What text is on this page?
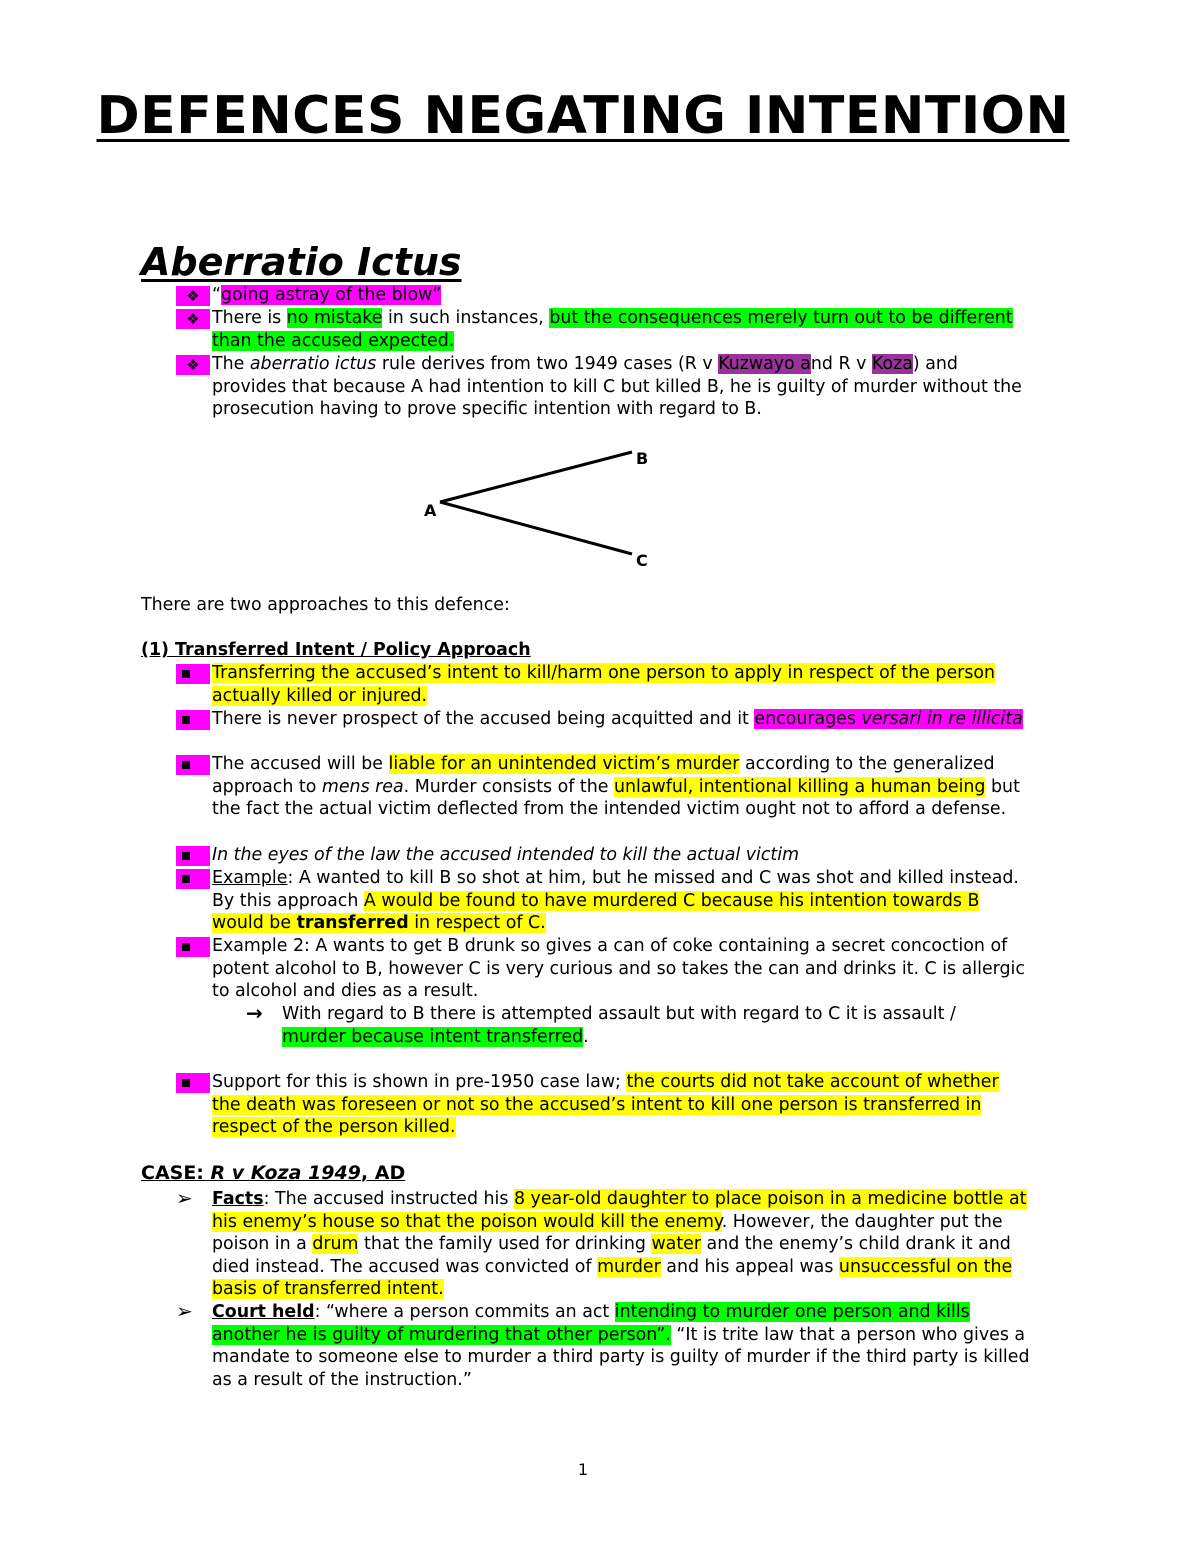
DEFENCES NEGATING INTENTION
Aberratio Ictus
❖ “going astray of the blow”
❖ There is no mistake in such instances, but the consequences merely turn out to be different than the accused expected.
❖ The aberratio ictus rule derives from two 1949 cases (R v Kuzwayo and R v Koza) and provides that because A had intention to kill C but killed B, he is guilty of murder without the prosecution having to prove specific intention with regard to B.
A
B
C
There are two approaches to this defence:
(1) Transferred Intent / Policy Approach
Transferring the accused’s intent to kill/harm one person to apply in respect of the person actually killed or injured.
There is never prospect of the accused being acquitted and it encourages versari in re illicita
The accused will be liable for an unintended victim’s murder according to the generalized approach to mens rea. Murder consists of the unlawful, intentional killing a human being but the fact the actual victim deflected from the intended victim ought not to afford a defense.
In the eyes of the law the accused intended to kill the actual victim
Example: A wanted to kill B so shot at him, but he missed and C was shot and killed instead. By this approach A would be found to have murdered C because his intention towards B would be transferred in respect of C.
Example 2: A wants to get B drunk so gives a can of coke containing a secret concoction of potent alcohol to B, however C is very curious and so takes the can and drinks it. C is allergic to alcohol and dies as a result.
→	With regard to B there is attempted assault but with regard to C it is assault / murder because intent transferred.
Support for this is shown in pre-1950 case law; the courts did not take account of whether the death was foreseen or not so the accused’s intent to kill one person is transferred in respect of the person killed.
CASE: R v Koza 1949, AD
➢	Facts: The accused instructed his 8 year-old daughter to place poison in a medicine bottle at his enemy’s house so that the poison would kill the enemy. However, the daughter put the poison in a drum that the family used for drinking water and the enemy’s child drank it and died instead. The accused was convicted of murder and his appeal was unsuccessful on the basis of transferred intent.
➢	Court held: “where a person commits an act intending to murder one person and kills another he is guilty of murdering that other person”. “It is trite law that a person who gives a mandate to someone else to murder a third party is guilty of murder if the third party is killed as a result of the instruction.”
1
